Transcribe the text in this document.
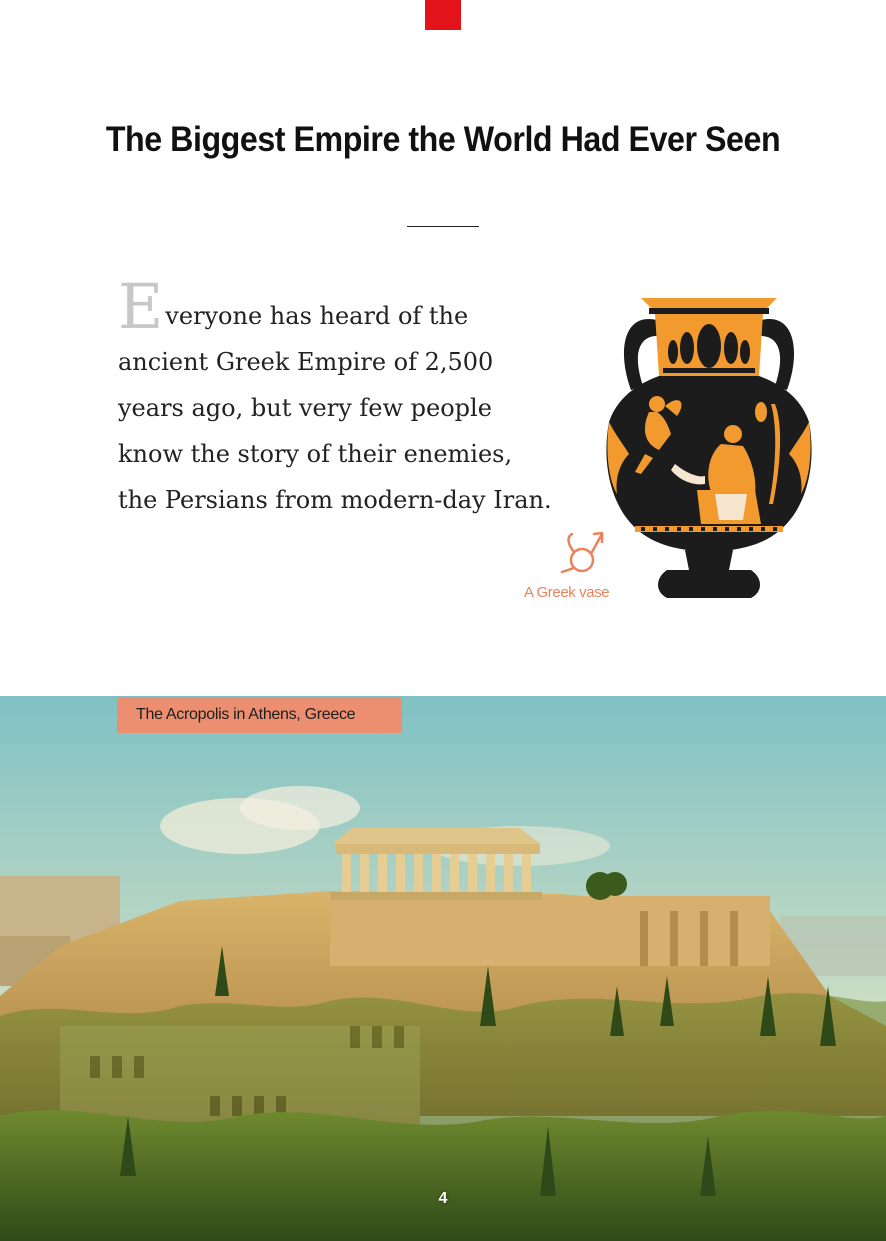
The Biggest Empire the World Had Ever Seen

Everyone has heard of the ancient Greek Empire of 2,500 years ago, but very few people know the story of their enemies, the Persians from modern-day Iran.

A Greek vase
The Acropolis in Athens, Greece
4
